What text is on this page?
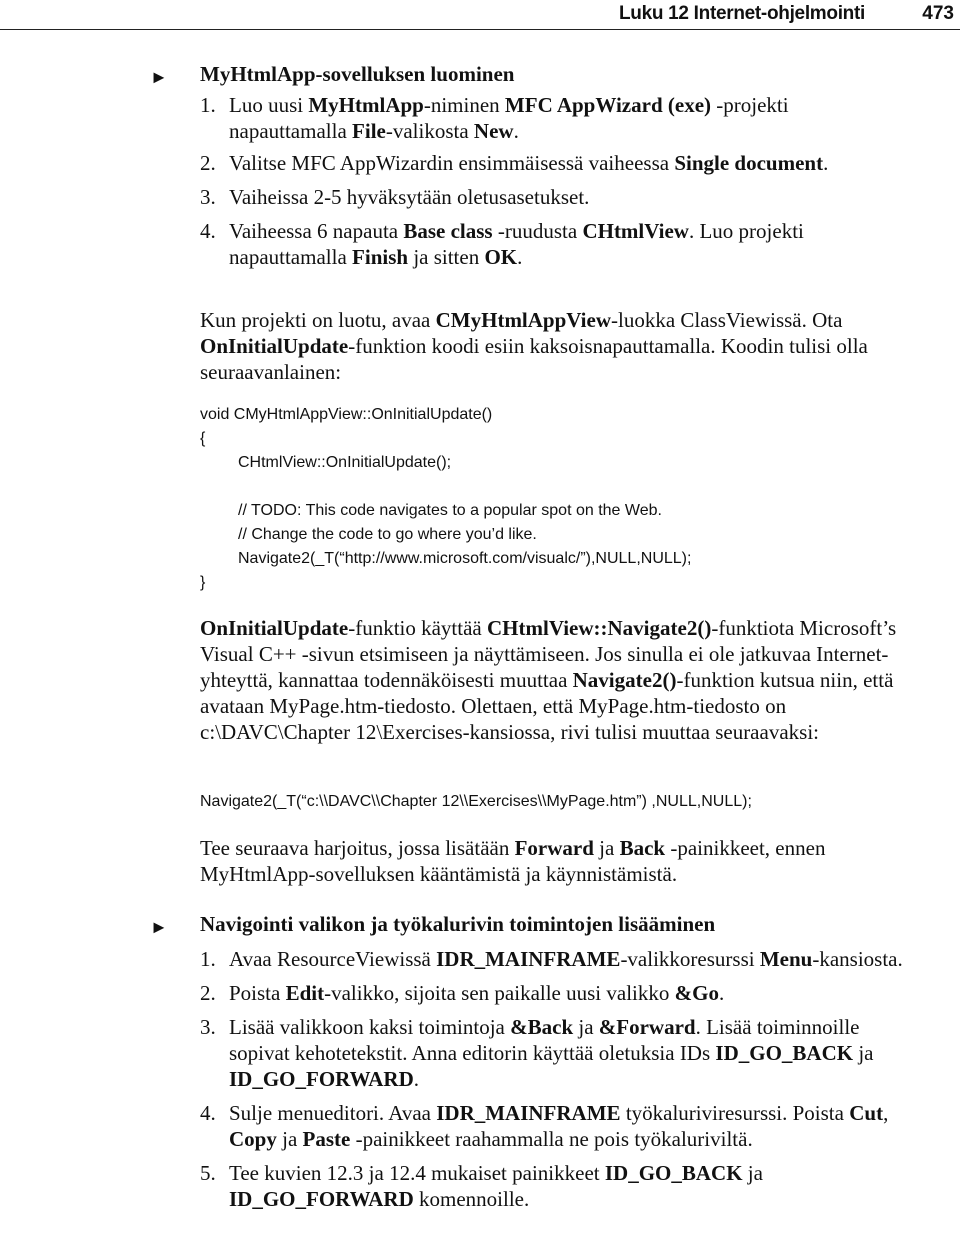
Luku 12 Internet-ohjelmointi	473
► MyHtmlApp-sovelluksen luominen
1. Luo uusi MyHtmlApp-niminen MFC AppWizard (exe) -projekti napauttamalla File-valikosta New.
2. Valitse MFC AppWizardin ensimmäisessä vaiheessa Single document.
3. Vaiheissa 2-5 hyväksytään oletusasetukset.
4. Vaiheessa 6 napauta Base class -ruudusta CHtmlView. Luo projekti napauttamalla Finish ja sitten OK.
Kun projekti on luotu, avaa CMyHtmlAppView-luokka ClassViewissä. Ota OnInitialUpdate-funktion koodi esiin kaksoisnapauttamalla. Koodin tulisi olla seuraavanlainen:
void CMyHtmlAppView::OnInitialUpdate()
{
CHtmlView::OnInitialUpdate();
// TODO: This code navigates to a popular spot on the Web.
// Change the code to go where you’d like.
Navigate2(_T(“http://www.microsoft.com/visualc/”),NULL,NULL);
}
OnInitialUpdate-funktio käyttää CHtmlView::Navigate2()-funktiota Microsoft’s Visual C++ -sivun etsimiseen ja näyttämiseen. Jos sinulla ei ole jatkuvaa Internet-yhteyttä, kannattaa todennäköisesti muuttaa Navigate2()-funktion kutsua niin, että avataan MyPage.htm-tiedosto. Olettaen, että MyPage.htm-tiedosto on c:\DAVC\Chapter 12\Exercises-kansiossa, rivi tulisi muuttaa seuraavaksi:
Navigate2(_T(“c:\\DAVC\\Chapter 12\\Exercises\\MyPage.htm”) ,NULL,NULL);
Tee seuraava harjoitus, jossa lisätään Forward ja Back -painikkeet, ennen MyHtmlApp-sovelluksen kääntämistä ja käynnistämistä.
► Navigointi valikon ja työkalurivin toimintojen lisääminen
1. Avaa ResourceViewissä IDR_MAINFRAME-valikkoresurssi Menu-kansiosta.
2. Poista Edit-valikko, sijoita sen paikalle uusi valikko &Go.
3. Lisää valikkoon kaksi toimintoja &Back ja &Forward. Lisää toiminnoille sopivat kehotetekstit. Anna editorin käyttää oletuksia IDs ID_GO_BACK ja ID_GO_FORWARD.
4. Sulje menueditori. Avaa IDR_MAINFRAME työkaluriviresurssi. Poista Cut, Copy ja Paste -painikkeet raahammalla ne pois työkaluriviltä.
5. Tee kuvien 12.3 ja 12.4 mukaiset painikkeet ID_GO_BACK ja ID_GO_FORWARD komennoille.
